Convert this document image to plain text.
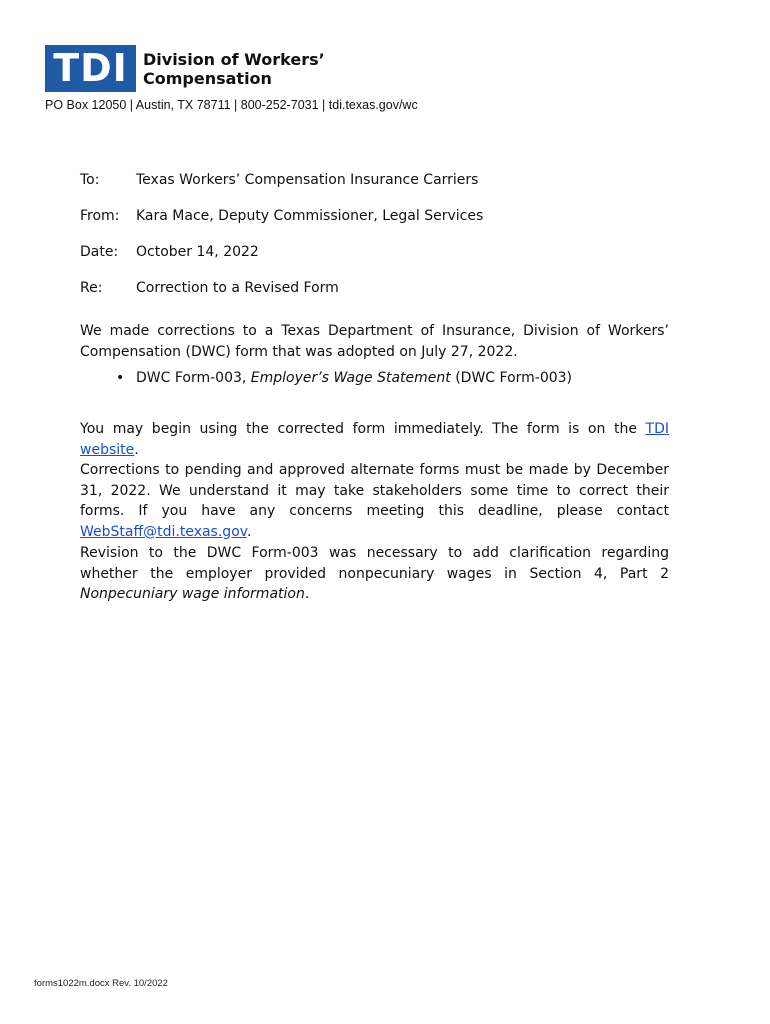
TDI Division of Workers’
Compensation
PO Box 12050 | Austin, TX 78711 | 800-252-7031 | tdi.texas.gov/wc
To:	Texas Workers’ Compensation Insurance Carriers
From: Kara Mace, Deputy Commissioner, Legal Services
Date: October 14, 2022
Re: Correction to a Revised Form
We made corrections to a Texas Department of Insurance, Division of Workers’ Compensation (DWC) form that was adopted on July 27, 2022.
• DWC Form-003, Employer’s Wage Statement (DWC Form-003)
You may begin using the corrected form immediately. The form is on the TDI website.
Corrections to pending and approved alternate forms must be made by December 31, 2022. We understand it may take stakeholders some time to correct their forms. If you have any concerns meeting this deadline, please contact WebStaff@tdi.texas.gov.
Revision to the DWC Form-003 was necessary to add clarification regarding whether the employer provided nonpecuniary wages in Section 4, Part 2 Nonpecuniary wage information.
forms1022m.docx Rev. 10/2022
